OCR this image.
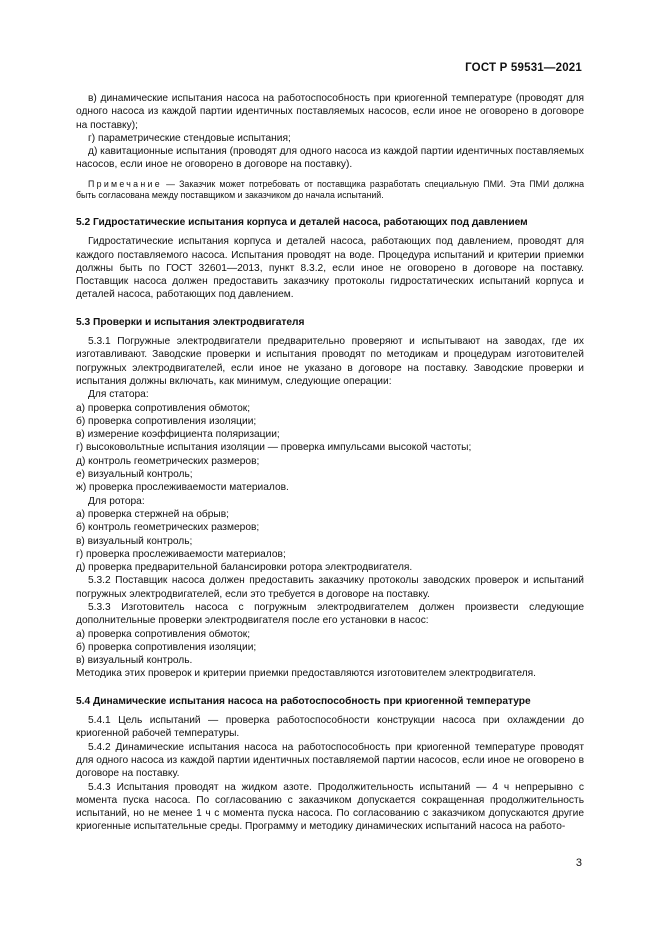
ГОСТ Р 59531—2021

в) динамические испытания насоса на работоспособность при криогенной температуре (проводят для одного насоса из каждой партии идентичных поставляемых насосов, если иное не оговорено в договоре на поставку);

г) параметрические стендовые испытания;

д) кавитационные испытания (проводят для одного насоса из каждой партии идентичных поставляемых насосов, если иное не оговорено в договоре на поставку).

Примечание — Заказчик может потребовать от поставщика разработать специальную ПМИ. Эта ПМИ должна быть согласована между поставщиком и заказчиком до начала испытаний.

5.2 Гидростатические испытания корпуса и деталей насоса, работающих под давлением

Гидростатические испытания корпуса и деталей насоса, работающих под давлением, проводят для каждого поставляемого насоса. Испытания проводят на воде. Процедура испытаний и критерии приемки должны быть по ГОСТ 32601—2013, пункт 8.3.2, если иное не оговорено в договоре на поставку. Поставщик насоса должен предоставить заказчику протоколы гидростатических испытаний корпуса и деталей насоса, работающих под давлением.

5.3 Проверки и испытания электродвигателя

5.3.1 Погружные электродвигатели предварительно проверяют и испытывают на заводах, где их изготавливают. Заводские проверки и испытания проводят по методикам и процедурам изготовителей погружных электродвигателей, если иное не указано в договоре на поставку. Заводские проверки и испытания должны включать, как минимум, следующие операции:

Для статора:

а) проверка сопротивления обмоток;

б) проверка сопротивления изоляции;

в) измерение коэффициента поляризации;

г) высоковольтные испытания изоляции — проверка импульсами высокой частоты;

д) контроль геометрических размеров;

е) визуальный контроль;

ж) проверка прослеживаемости материалов.

Для ротора:

а) проверка стержней на обрыв;

б) контроль геометрических размеров;

в) визуальный контроль;

г) проверка прослеживаемости материалов;

д) проверка предварительной балансировки ротора электродвигателя.

5.3.2 Поставщик насоса должен предоставить заказчику протоколы заводских проверок и испытаний погружных электродвигателей, если это требуется в договоре на поставку.

5.3.3 Изготовитель насоса с погружным электродвигателем должен произвести следующие дополнительные проверки электродвигателя после его установки в насос:

а) проверка сопротивления обмоток;

б) проверка сопротивления изоляции;

в) визуальный контроль.

Методика этих проверок и критерии приемки предоставляются изготовителем электродвигателя.

5.4 Динамические испытания насоса на работоспособность при криогенной температуре

5.4.1 Цель испытаний — проверка работоспособности конструкции насоса при охлаждении до криогенной рабочей температуры.

5.4.2 Динамические испытания насоса на работоспособность при криогенной температуре проводят для одного насоса из каждой партии идентичных поставляемой партии насосов, если иное не оговорено в договоре на поставку.

5.4.3 Испытания проводят на жидком азоте. Продолжительность испытаний — 4 ч непрерывно с момента пуска насоса. По согласованию с заказчиком допускается сокращенная продолжительность испытаний, но не менее 1 ч с момента пуска насоса. По согласованию с заказчиком допускаются другие криогенные испытательные среды. Программу и методику динамических испытаний насоса на работо-

3
